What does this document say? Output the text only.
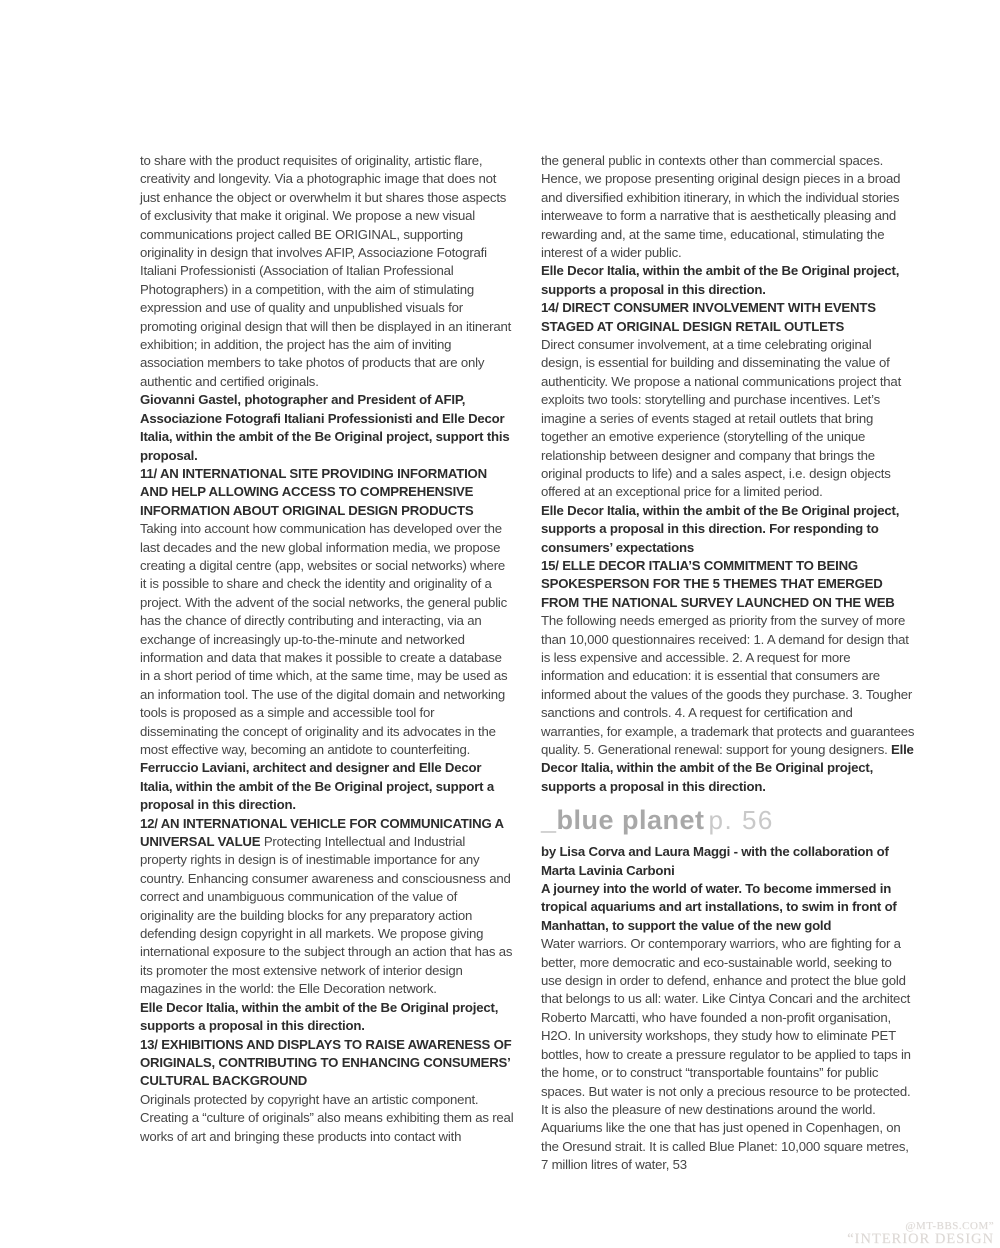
to share with the product requisites of originality, artistic flare, creativity and longevity. Via a photographic image that does not just enhance the object or overwhelm it but shares those aspects of exclusivity that make it original. We propose a new visual communications project called BE ORIGINAL, supporting originality in design that involves AFIP, Associazione Fotografi Italiani Professionisti (Association of Italian Professional Photographers) in a competition, with the aim of stimulating expression and use of quality and unpublished visuals for promoting original design that will then be displayed in an itinerant exhibition; in addition, the project has the aim of inviting association members to take photos of products that are only authentic and certified originals.

Giovanni Gastel, photographer and President of AFIP, Associazione Fotografi Italiani Professionisti and Elle Decor Italia, within the ambit of the Be Original project, support this proposal.

11/ AN INTERNATIONAL SITE PROVIDING INFORMATION AND HELP ALLOWING ACCESS TO COMPREHENSIVE INFORMATION ABOUT ORIGINAL DESIGN PRODUCTS

Taking into account how communication has developed over the last decades and the new global information media, we propose creating a digital centre (app, websites or social networks) where it is possible to share and check the identity and originality of a project. With the advent of the social networks, the general public has the chance of directly contributing and interacting, via an exchange of increasingly up-to-the-minute and networked information and data that makes it possible to create a database in a short period of time which, at the same time, may be used as an information tool. The use of the digital domain and networking tools is proposed as a simple and accessible tool for disseminating the concept of originality and its advocates in the most effective way, becoming an antidote to counterfeiting.

Ferruccio Laviani, architect and designer and Elle Decor Italia, within the ambit of the Be Original project, support a proposal in this direction.

12/ AN INTERNATIONAL VEHICLE FOR COMMUNICATING A UNIVERSAL VALUE Protecting Intellectual and Industrial property rights in design is of inestimable importance for any country. Enhancing consumer awareness and consciousness and correct and unambiguous communication of the value of originality are the building blocks for any preparatory action defending design copyright in all markets. We propose giving international exposure to the subject through an action that has as its promoter the most extensive network of interior design magazines in the world: the Elle Decoration network.

Elle Decor Italia, within the ambit of the Be Original project, supports a proposal in this direction.

13/ EXHIBITIONS AND DISPLAYS TO RAISE AWARENESS OF ORIGINALS, CONTRIBUTING TO ENHANCING CONSUMERS’ CULTURAL BACKGROUND

Originals protected by copyright have an artistic component. Creating a “culture of originals” also means exhibiting them as real works of art and bringing these products into contact with

the general public in contexts other than commercial spaces. Hence, we propose presenting original design pieces in a broad and diversified exhibition itinerary, in which the individual stories interweave to form a narrative that is aesthetically pleasing and rewarding and, at the same time, educational, stimulating the interest of a wider public.

Elle Decor Italia, within the ambit of the Be Original project, supports a proposal in this direction.

14/ DIRECT CONSUMER INVOLVEMENT WITH EVENTS STAGED AT ORIGINAL DESIGN RETAIL OUTLETS

Direct consumer involvement, at a time celebrating original design, is essential for building and disseminating the value of authenticity. We propose a national communications project that exploits two tools: storytelling and purchase incentives. Let’s imagine a series of events staged at retail outlets that bring together an emotive experience (storytelling of the unique relationship between designer and company that brings the original products to life) and a sales aspect, i.e. design objects offered at an exceptional price for a limited period.

Elle Decor Italia, within the ambit of the Be Original project, supports a proposal in this direction. For responding to consumers’ expectations

15/ ELLE DECOR ITALIA’S COMMITMENT TO BEING SPOKESPERSON FOR THE 5 THEMES THAT EMERGED FROM THE NATIONAL SURVEY LAUNCHED ON THE WEB The following needs emerged as priority from the survey of more than 10,000 questionnaires received: 1. A demand for design that is less expensive and accessible. 2. A request for more information and education: it is essential that consumers are informed about the values of the goods they purchase. 3. Tougher sanctions and controls. 4. A request for certification and warranties, for example, a trademark that protects and guarantees quality. 5. Generational renewal: support for young designers. Elle Decor Italia, within the ambit of the Be Original project, supports a proposal in this direction.

_blue planet p. 56

by Lisa Corva and Laura Maggi - with the collaboration of Marta Lavinia Carboni

A journey into the world of water. To become immersed in tropical aquariums and art installations, to swim in front of Manhattan, to support the value of the new gold

Water warriors. Or contemporary warriors, who are fighting for a better, more democratic and eco-sustainable world, seeking to use design in order to defend, enhance and protect the blue gold that belongs to us all: water. Like Cintya Concari and the architect Roberto Marcatti, who have founded a non-profit organisation, H2O. In university workshops, they study how to eliminate PET bottles, how to create a pressure regulator to be applied to taps in the home, or to construct “transportable fountains” for public spaces. But water is not only a precious resource to be protected. It is also the pleasure of new destinations around the world. Aquariums like the one that has just opened in Copenhagen, on the Oresund strait. It is called Blue Planet: 10,000 square metres, 7 million litres of water, 53

@MT-BBS.COM”
“INTERIOR DESIGN
